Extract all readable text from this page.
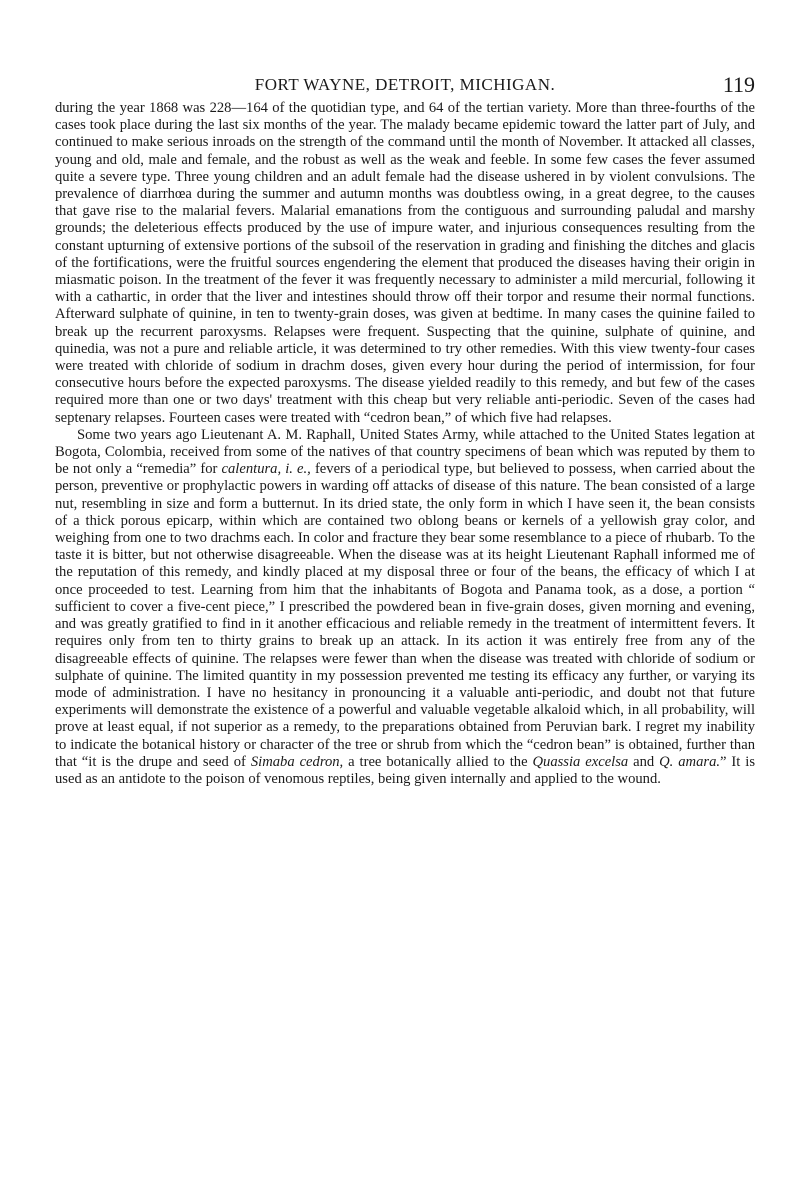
FORT WAYNE, DETROIT, MICHIGAN.	119

during the year 1868 was 228—164 of the quotidian type, and 64 of the tertian variety. More than three-fourths of the cases took place during the last six months of the year. The malady became epidemic toward the latter part of July, and continued to make serious inroads on the strength of the command until the month of November. It attacked all classes, young and old, male and female, and the robust as well as the weak and feeble. In some few cases the fever assumed quite a severe type. Three young children and an adult female had the disease ushered in by violent convulsions. The prevalence of diarrhœa during the summer and autumn months was doubtless owing, in a great degree, to the causes that gave rise to the malarial fevers. Malarial emanations from the contiguous and surrounding paludal and marshy grounds; the deleterious effects produced by the use of impure water, and injurious consequences resulting from the constant upturning of extensive portions of the subsoil of the reservation in grading and finishing the ditches and glacis of the fortifications, were the fruitful sources engendering the element that produced the diseases having their origin in miasmatic poison. In the treatment of the fever it was frequently necessary to administer a mild mercurial, following it with a cathartic, in order that the liver and intestines should throw off their torpor and resume their normal functions. Afterward sulphate of quinine, in ten to twenty-grain doses, was given at bedtime. In many cases the quinine failed to break up the recurrent paroxysms. Relapses were frequent. Suspecting that the quinine, sulphate of quinine, and quinedia, was not a pure and reliable article, it was determined to try other remedies. With this view twenty-four cases were treated with chloride of sodium in drachm doses, given every hour during the period of intermission, for four consecutive hours before the expected paroxysms. The disease yielded readily to this remedy, and but few of the cases required more than one or two days' treatment with this cheap but very reliable anti-periodic. Seven of the cases had septenary relapses. Fourteen cases were treated with “cedron bean,” of which five had relapses.

Some two years ago Lieutenant A. M. Raphall, United States Army, while attached to the United States legation at Bogota, Colombia, received from some of the natives of that country specimens of bean which was reputed by them to be not only a “remedia” for calentura, i. e., fevers of a periodical type, but believed to possess, when carried about the person, preventive or prophylactic powers in warding off attacks of disease of this nature. The bean consisted of a large nut, resembling in size and form a butternut. In its dried state, the only form in which I have seen it, the bean consists of a thick porous epicarp, within which are contained two oblong beans or kernels of a yellowish gray color, and weighing from one to two drachms each. In color and fracture they bear some resemblance to a piece of rhubarb. To the taste it is bitter, but not otherwise disagreeable. When the disease was at its height Lieutenant Raphall informed me of the reputation of this remedy, and kindly placed at my disposal three or four of the beans, the efficacy of which I at once proceeded to test. Learning from him that the inhabitants of Bogota and Panama took, as a dose, a portion “ sufficient to cover a five-cent piece,” I prescribed the powdered bean in five-grain doses, given morning and evening, and was greatly gratified to find in it another efficacious and reliable remedy in the treatment of intermittent fevers. It requires only from ten to thirty grains to break up an attack. In its action it was entirely free from any of the disagreeable effects of quinine. The relapses were fewer than when the disease was treated with chloride of sodium or sulphate of quinine. The limited quantity in my possession prevented me testing its efficacy any further, or varying its mode of administration. I have no hesitancy in pronouncing it a valuable anti-periodic, and doubt not that future experiments will demonstrate the existence of a powerful and valuable vegetable alkaloid which, in all probability, will prove at least equal, if not superior as a remedy, to the preparations obtained from Peruvian bark. I regret my inability to indicate the botanical history or character of the tree or shrub from which the “cedron bean” is obtained, further than that “it is the drupe and seed of Simaba cedron, a tree botanically allied to the Quassia excelsa and Q. amara.” It is used as an antidote to the poison of venomous reptiles, being given internally and applied to the wound.
